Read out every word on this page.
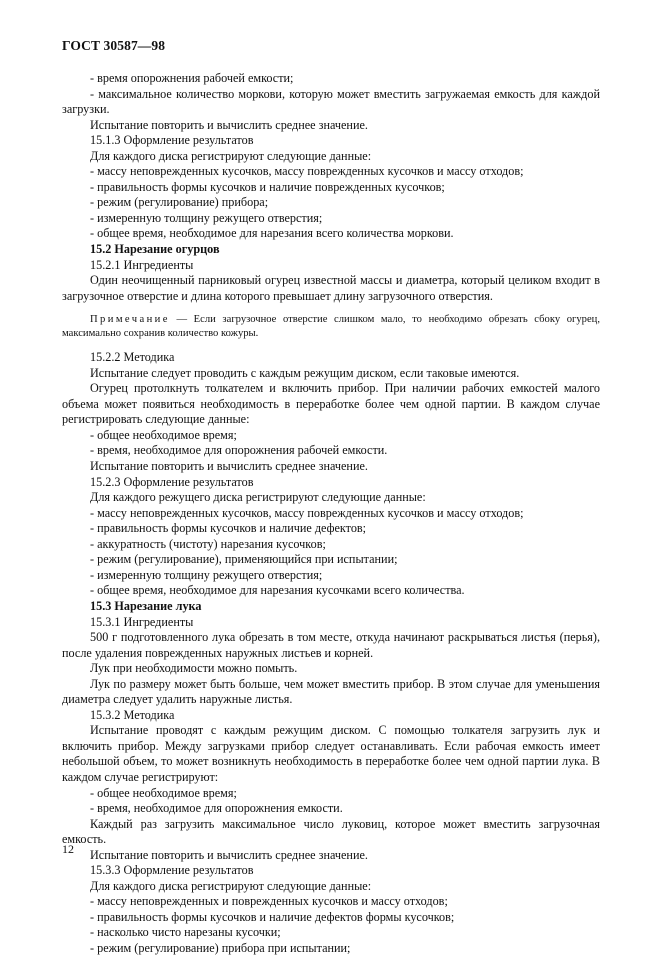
ГОСТ 30587—98

- время опорожнения рабочей емкости;

- максимальное количество моркови, которую может вместить загружаемая емкость для каждой загрузки.

Испытание повторить и вычислить среднее значение.

15.1.3 Оформление результатов

Для каждого диска регистрируют следующие данные:

- массу неповрежденных кусочков, массу поврежденных кусочков и массу отходов;

- правильность формы кусочков и наличие поврежденных кусочков;

- режим (регулирование) прибора;

- измеренную толщину режущего отверстия;

- общее время, необходимое для нарезания всего количества моркови.

15.2 Нарезание огурцов

15.2.1 Ингредиенты

Один неочищенный парниковый огурец известной массы и диаметра, который целиком входит в загрузочное отверстие и длина которого превышает длину загрузочного отверстия.

Примечание — Если загрузочное отверстие слишком мало, то необходимо обрезать сбоку огурец, максимально сохранив количество кожуры.

15.2.2 Методика

Испытание следует проводить с каждым режущим диском, если таковые имеются.

Огурец протолкнуть толкателем и включить прибор. При наличии рабочих емкостей малого объема может появиться необходимость в переработке более чем одной партии. В каждом случае регистрировать следующие данные:

- общее необходимое время;

- время, необходимое для опорожнения рабочей емкости.

Испытание повторить и вычислить среднее значение.

15.2.3 Оформление результатов

Для каждого режущего диска регистрируют следующие данные:

- массу неповрежденных кусочков, массу поврежденных кусочков и массу отходов;

- правильность формы кусочков и наличие дефектов;

- аккуратность (чистоту) нарезания кусочков;

- режим (регулирование), применяющийся при испытании;

- измеренную толщину режущего отверстия;

- общее время, необходимое для нарезания кусочками всего количества.

15.3 Нарезание лука

15.3.1 Ингредиенты

500 г подготовленного лука обрезать в том месте, откуда начинают раскрываться листья (перья), после удаления поврежденных наружных листьев и корней.

Лук при необходимости можно помыть.

Лук по размеру может быть больше, чем может вместить прибор. В этом случае для уменьшения диаметра следует удалить наружные листья.

15.3.2 Методика

Испытание проводят с каждым режущим диском. С помощью толкателя загрузить лук и включить прибор. Между загрузками прибор следует останавливать. Если рабочая емкость имеет небольшой объем, то может возникнуть необходимость в переработке более чем одной партии лука. В каждом случае регистрируют:

- общее необходимое время;

- время, необходимое для опорожнения емкости.

Каждый раз загрузить максимальное число луковиц, которое может вместить загрузочная емкость.

Испытание повторить и вычислить среднее значение.

15.3.3 Оформление результатов

Для каждого диска регистрируют следующие данные:

- массу неповрежденных и поврежденных кусочков и массу отходов;

- правильность формы кусочков и наличие дефектов формы кусочков;

- насколько чисто нарезаны кусочки;

- режим (регулирование) прибора при испытании;

12
